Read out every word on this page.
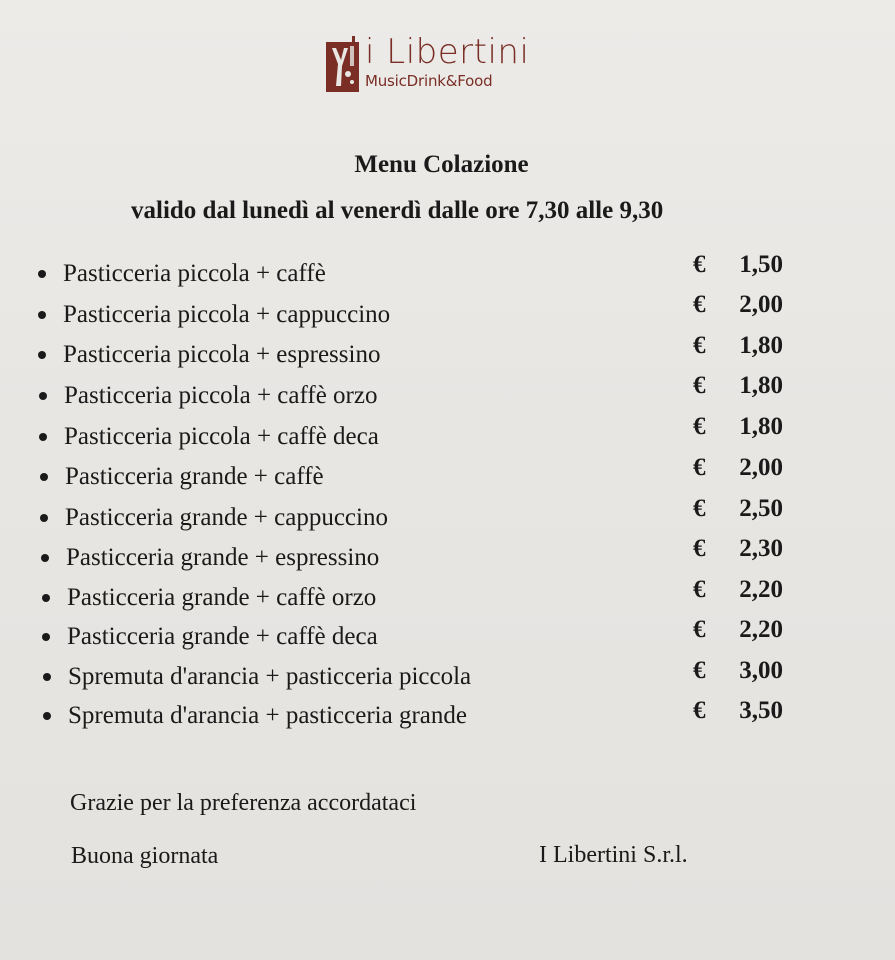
i Libertini
MusicDrink&Food
Menu Colazione
valido dal lunedì al venerdì dalle ore 7,30 alle 9,30
Pasticceria piccola + caffè	€	1,50
Pasticceria piccola + cappuccino	€	2,00
Pasticceria piccola + espressino	€	1,80
Pasticceria piccola + caffè orzo	€	1,80
Pasticceria piccola + caffè deca	€	1,80
Pasticceria grande + caffè	€	2,00
Pasticceria grande + cappuccino	€	2,50
Pasticceria grande + espressino	€	2,30
Pasticceria grande + caffè orzo	€	2,20
Pasticceria grande + caffè deca	€	2,20
Spremuta d'arancia + pasticceria piccola	€	3,00
Spremuta d'arancia + pasticceria grande	€	3,50
Grazie per la preferenza accordataci
Buona giornata	I Libertini S.r.l.
